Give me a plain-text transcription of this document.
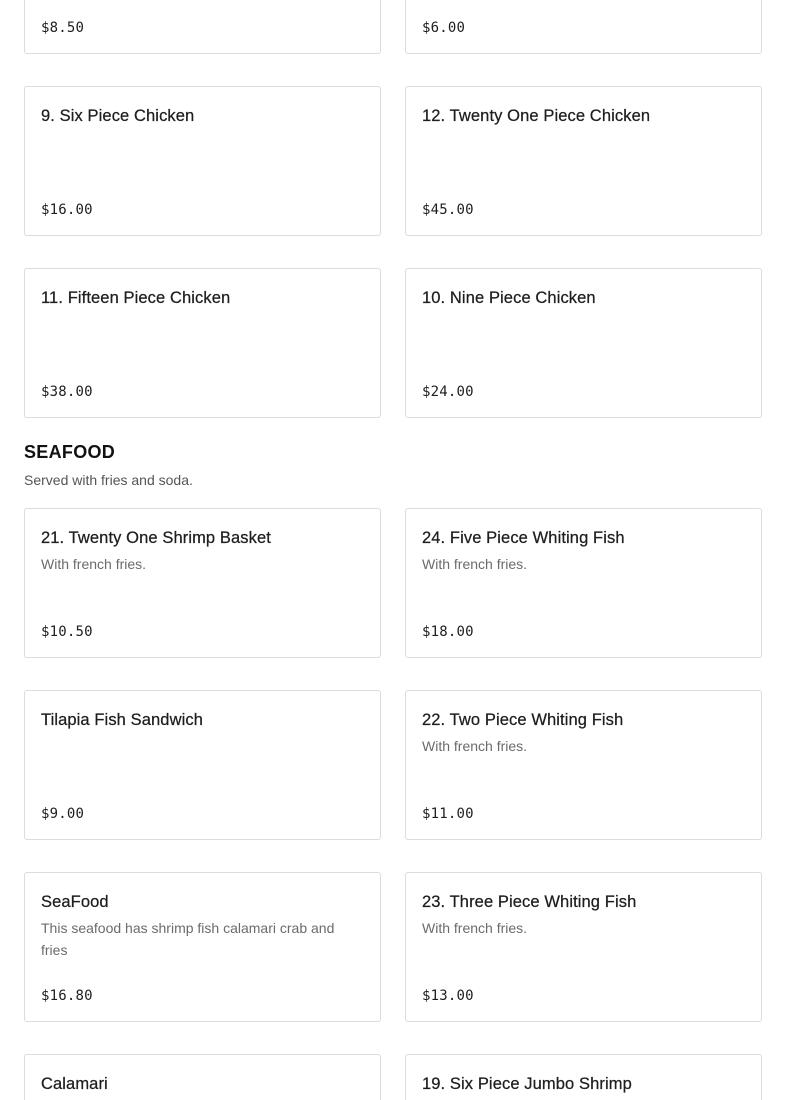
$8.50	$6.00
9. Six Piece Chicken
$16.00
12. Twenty One Piece Chicken
$45.00
11. Fifteen Piece Chicken
$38.00
10. Nine Piece Chicken
$24.00
SEAFOOD

Served with fries and soda.

21. Twenty One Shrimp Basket
With french fries.
$10.50
24. Five Piece Whiting Fish
With french fries.
$18.00
Tilapia Fish Sandwich
$9.00
22. Two Piece Whiting Fish
With french fries.
$11.00
SeaFood
This seafood has shrimp fish calamari crab and fries
$16.80
23. Three Piece Whiting Fish
With french fries.
$13.00
Calamari	19. Six Piece Jumbo Shrimp
